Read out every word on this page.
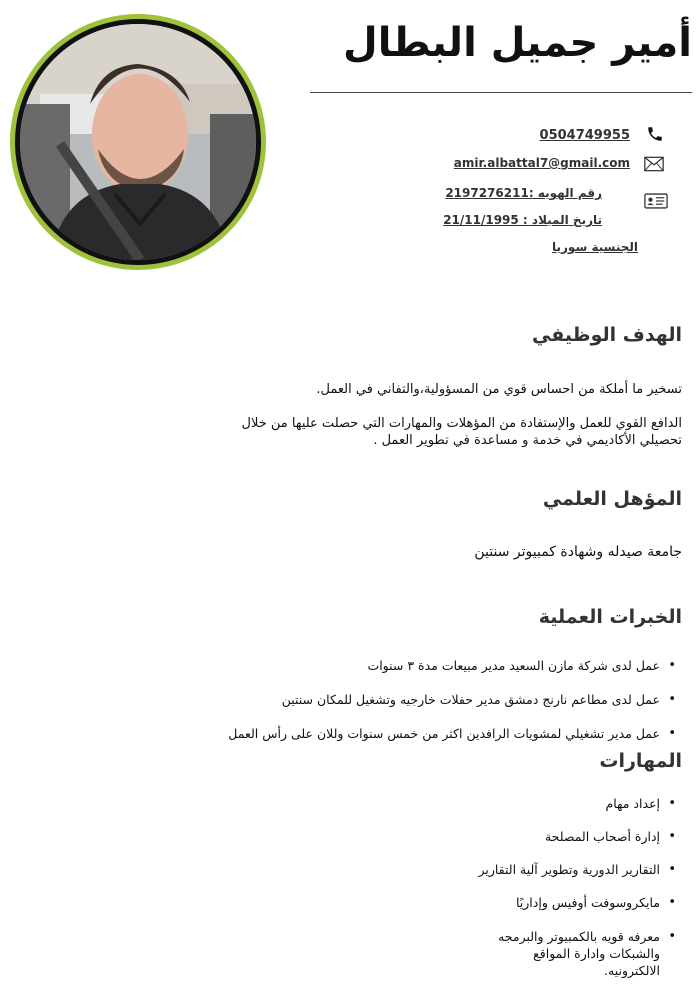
أمير جميل البطال
0504749955
amir.albattal7@gmail.com
رقم الهويه :2197276211
تاريخ الميلاد : 21/11/1995
الجنسية سوريا
الهدف الوظيفي
تسخير ما أملكة من احساس قوي من المسؤولية،والتفاني في العمل.
الدافع القوي للعمل والإستفادة من المؤهلات والمهارات التي حصلت عليها من خلال تحصيلي الأكاديمي في خدمة و مساعدة في تطوير العمل .
المؤهل العلمي
جامعة صيدله وشهادة كمبيوتر سنتين
الخبرات العملية
• عمل لدى شركة مازن السعيد مدير مبيعات مدة ٣ سنوات
• عمل لدى مطاعم نارنج دمشق مدير حفلات خارجيه وتشغيل للمكان سنتين
• عمل مدير تشغيلي لمشويات الرافدين اكثر من خمس سنوات وللان على رأس العمل
المهارات
• إعداد مهام
• إدارة أصحاب المصلحة
• التقارير الدورية وتطوير آلية التقارير
• مايكروسوفت أوفيس وإداريًا
• معرفه قويه بالكمبيوتر والبرمجه والشبكات وادارة المواقع الالكترونيه.
